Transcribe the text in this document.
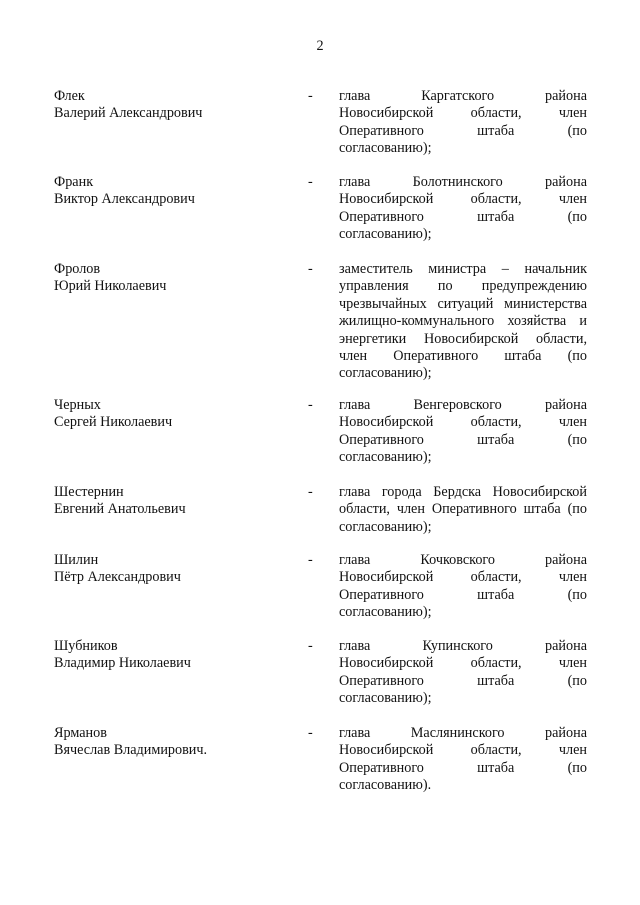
2
Флек
Валерий Александрович
- глава Каргатского района
Новосибирской области, член
Оперативного штаба (по
согласованию);
Франк
Виктор Александрович
- глава Болотнинского района
Новосибирской области, член
Оперативного штаба (по
согласованию);
Фролов
Юрий Николаевич
- заместитель министра – начальник
управления по предупреждению
чрезвычайных ситуаций министерства
жилищно-коммунального хозяйства и
энергетики Новосибирской области,
член Оперативного штаба (по
согласованию);
Черных
Сергей Николаевич
- глава Венгеровского района
Новосибирской области, член
Оперативного штаба (по
согласованию);
Шестернин
Евгений Анатольевич
- глава города Бердска Новосибирской
области, член Оперативного штаба (по
согласованию);
Шилин
Пётр Александрович
- глава Кочковского района
Новосибирской области, член
Оперативного штаба (по
согласованию);
Шубников
Владимир Николаевич
- глава Купинского района
Новосибирской области, член
Оперативного штаба (по
согласованию);
Ярманов
Вячеслав Владимирович.
- глава Маслянинского района
Новосибирской области, член
Оперативного штаба (по
согласованию).
